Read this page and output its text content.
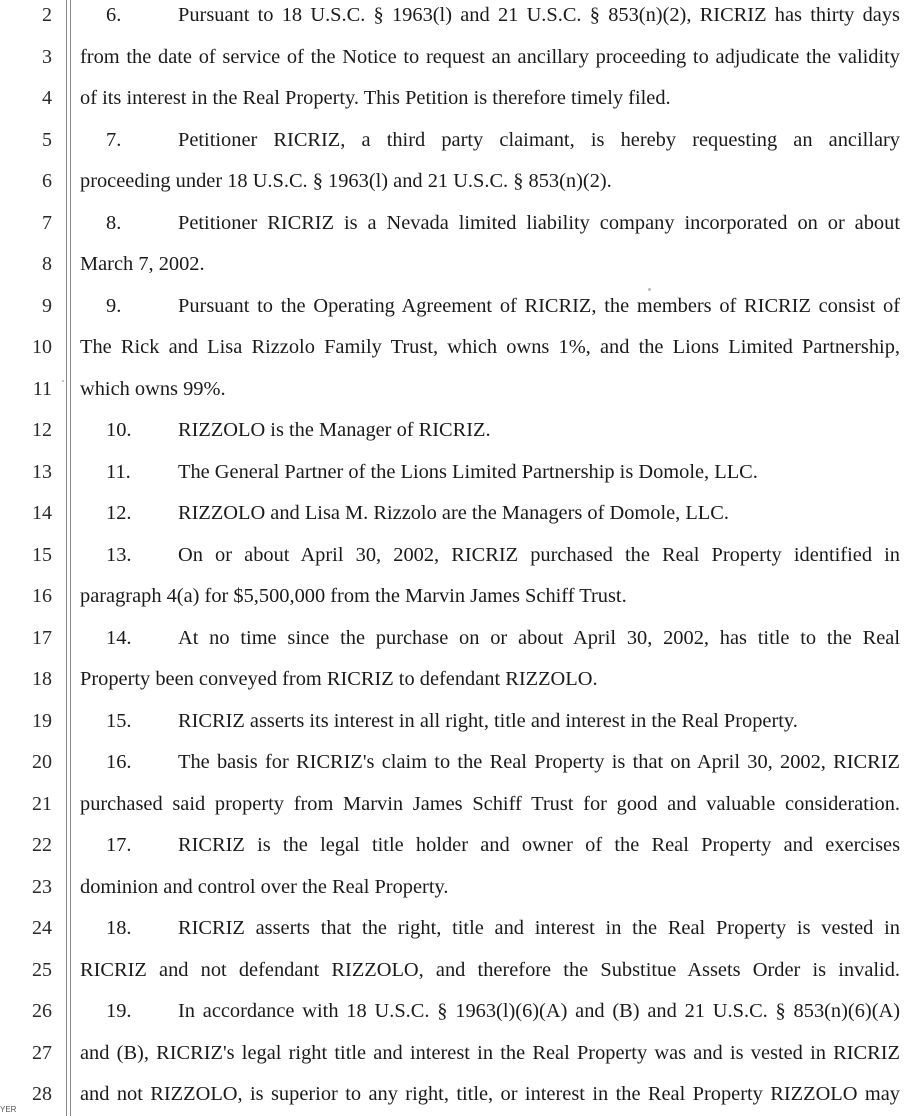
2
3
4
5
6
7
8
9
10
11
12
13
14
15
16
17
18
19
20
21
22
23
24
25
26
27
28
6.	Pursuant to 18 U.S.C. § 1963(l) and 21 U.S.C. § 853(n)(2), RICRIZ has thirty days
from the date of service of the Notice to request an ancillary proceeding to adjudicate the validity
of its interest in the Real Property. This Petition is therefore timely filed.
7.	Petitioner RICRIZ, a third party claimant, is hereby requesting an ancillary
proceeding under 18 U.S.C. § 1963(l) and 21 U.S.C. § 853(n)(2).
8.	Petitioner RICRIZ is a Nevada limited liability company incorporated on or about
March 7, 2002.
9.	Pursuant to the Operating Agreement of RICRIZ, the members of RICRIZ consist of
The Rick and Lisa Rizzolo Family Trust, which owns 1%, and the Lions Limited Partnership,
which owns 99%.
10. RIZZOLO is the Manager of RICRIZ.
11. The General Partner of the Lions Limited Partnership is Domole, LLC.
12. RIZZOLO and Lisa M. Rizzolo are the Managers of Domole, LLC.
13.	On or about April 30, 2002, RICRIZ purchased the Real Property identified in
paragraph 4(a) for $5,500,000 from the Marvin James Schiff Trust.
14.	At no time since the purchase on or about April 30, 2002, has title to the Real
Property been conveyed from RICRIZ to defendant RIZZOLO.
15. RICRIZ asserts its interest in all right, title and interest in the Real Property.
16.	The basis for RICRIZ's claim to the Real Property is that on April 30, 2002, RICRIZ
purchased said property from Marvin James Schiff Trust for good and valuable consideration.
17.	RICRIZ is the legal title holder and owner of the Real Property and exercises
dominion and control over the Real Property.
18.	RICRIZ asserts that the right, title and interest in the Real Property is vested in
RICRIZ and not defendant RIZZOLO, and therefore the Substitue Assets Order is invalid.
19.	In accordance with 18 U.S.C. § 1963(l)(6)(A) and (B) and 21 U.S.C. § 853(n)(6)(A)
and (B), RICRIZ's legal right title and interest in the Real Property was and is vested in RICRIZ
and not RIZZOLO, is superior to any right, title, or interest in the Real Property RIZZOLO may
YER
